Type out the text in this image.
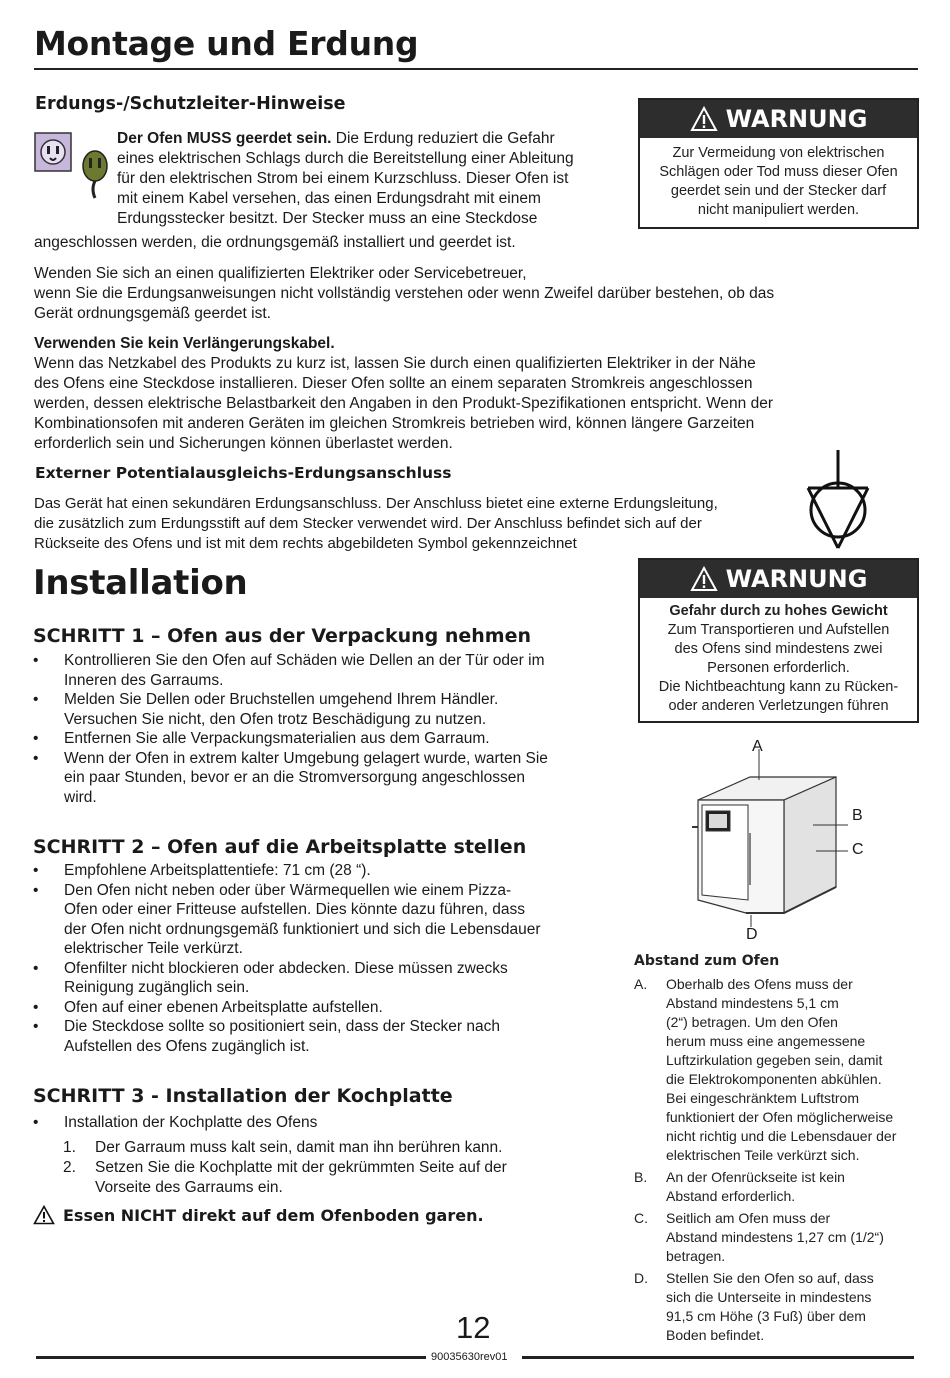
Montage und Erdung
Erdungs-/Schutzleiter-Hinweise
Der Ofen MUSS geerdet sein. Die Erdung reduziert die Gefahr
eines elektrischen Schlags durch die Bereitstellung einer Ableitung
für den elektrischen Strom bei einem Kurzschluss. Dieser Ofen ist
mit einem Kabel versehen, das einen Erdungsdraht mit einem
Erdungsstecker besitzt. Der Stecker muss an eine Steckdose
angeschlossen werden, die ordnungsgemäß installiert und geerdet ist.
Wenden Sie sich an einen qualifizierten Elektriker oder Servicebetreuer,
wenn Sie die Erdungsanweisungen nicht vollständig verstehen oder wenn Zweifel darüber bestehen, ob das
Gerät ordnungsgemäß geerdet ist.
Verwenden Sie kein Verlängerungskabel.
Wenn das Netzkabel des Produkts zu kurz ist, lassen Sie durch einen qualifizierten Elektriker in der Nähe
des Ofens eine Steckdose installieren. Dieser Ofen sollte an einem separaten Stromkreis angeschlossen
werden, dessen elektrische Belastbarkeit den Angaben in den Produkt-Spezifikationen entspricht. Wenn der
Kombinationsofen mit anderen Geräten im gleichen Stromkreis betrieben wird, können längere Garzeiten
erforderlich sein und Sicherungen können überlastet werden.
Externer Potentialausgleichs-Erdungsanschluss
Das Gerät hat einen sekundären Erdungsanschluss. Der Anschluss bietet eine externe Erdungsleitung,
die zusätzlich zum Erdungsstift auf dem Stecker verwendet wird. Der Anschluss befindet sich auf der
Rückseite des Ofens und ist mit dem rechts abgebildeten Symbol gekennzeichnet
WARNUNG
Zur Vermeidung von elektrischen
Schlägen oder Tod muss dieser Ofen
geerdet sein und der Stecker darf
nicht manipuliert werden.
Installation	WARNUNG
Gefahr durch zu hohes Gewicht
Zum Transportieren und Aufstellen
des Ofens sind mindestens zwei
Personen erforderlich.
Die Nichtbeachtung kann zu Rücken-
oder anderen Verletzungen führen
SCHRITT 1 – Ofen aus der Verpackung nehmen
• Kontrollieren Sie den Ofen auf Schäden wie Dellen an der Tür oder im
Inneren des Garraums.
• Melden Sie Dellen oder Bruchstellen umgehend Ihrem Händler.
Versuchen Sie nicht, den Ofen trotz Beschädigung zu nutzen.
• Entfernen Sie alle Verpackungsmaterialien aus dem Garraum.
• Wenn der Ofen in extrem kalter Umgebung gelagert wurde, warten Sie
ein paar Stunden, bevor er an die Stromversorgung angeschlossen
wird.
SCHRITT 2 – Ofen auf die Arbeitsplatte stellen
• Empfohlene Arbeitsplattentiefe: 71 cm (28 “).
• Den Ofen nicht neben oder über Wärmequellen wie einem Pizza-
Ofen oder einer Fritteuse aufstellen. Dies könnte dazu führen, dass
der Ofen nicht ordnungsgemäß funktioniert und sich die Lebensdauer
elektrischer Teile verkürzt.
• Ofenfilter nicht blockieren oder abdecken. Diese müssen zwecks
Reinigung zugänglich sein.
• Ofen auf einer ebenen Arbeitsplatte aufstellen.
• Die Steckdose sollte so positioniert sein, dass der Stecker nach
Aufstellen des Ofens zugänglich ist.
SCHRITT 3 - Installation der Kochplatte
• Installation der Kochplatte des Ofens
1. Der Garraum muss kalt sein, damit man ihn berühren kann.
2. Setzen Sie die Kochplatte mit der gekrümmten Seite auf der
Vorseite des Garraums ein.
Essen NICHT direkt auf dem Ofenboden garen.
A
B
C
D
Abstand zum Ofen
A. Oberhalb des Ofens muss der
Abstand mindestens 5,1 cm
(2“) betragen. Um den Ofen
herum muss eine angemessene
Luftzirkulation gegeben sein, damit
die Elektrokomponenten abkühlen.
Bei eingeschränktem Luftstrom
funktioniert der Ofen möglicherweise
nicht richtig und die Lebensdauer der
elektrischen Teile verkürzt sich.
B. An der Ofenrückseite ist kein
Abstand erforderlich.
C. Seitlich am Ofen muss der
Abstand mindestens 1,27 cm (1/2“)
betragen.
D. Stellen Sie den Ofen so auf, dass
sich die Unterseite in mindestens
91,5 cm Höhe (3 Fuß) über dem
Boden befindet.
12
90035630rev01
